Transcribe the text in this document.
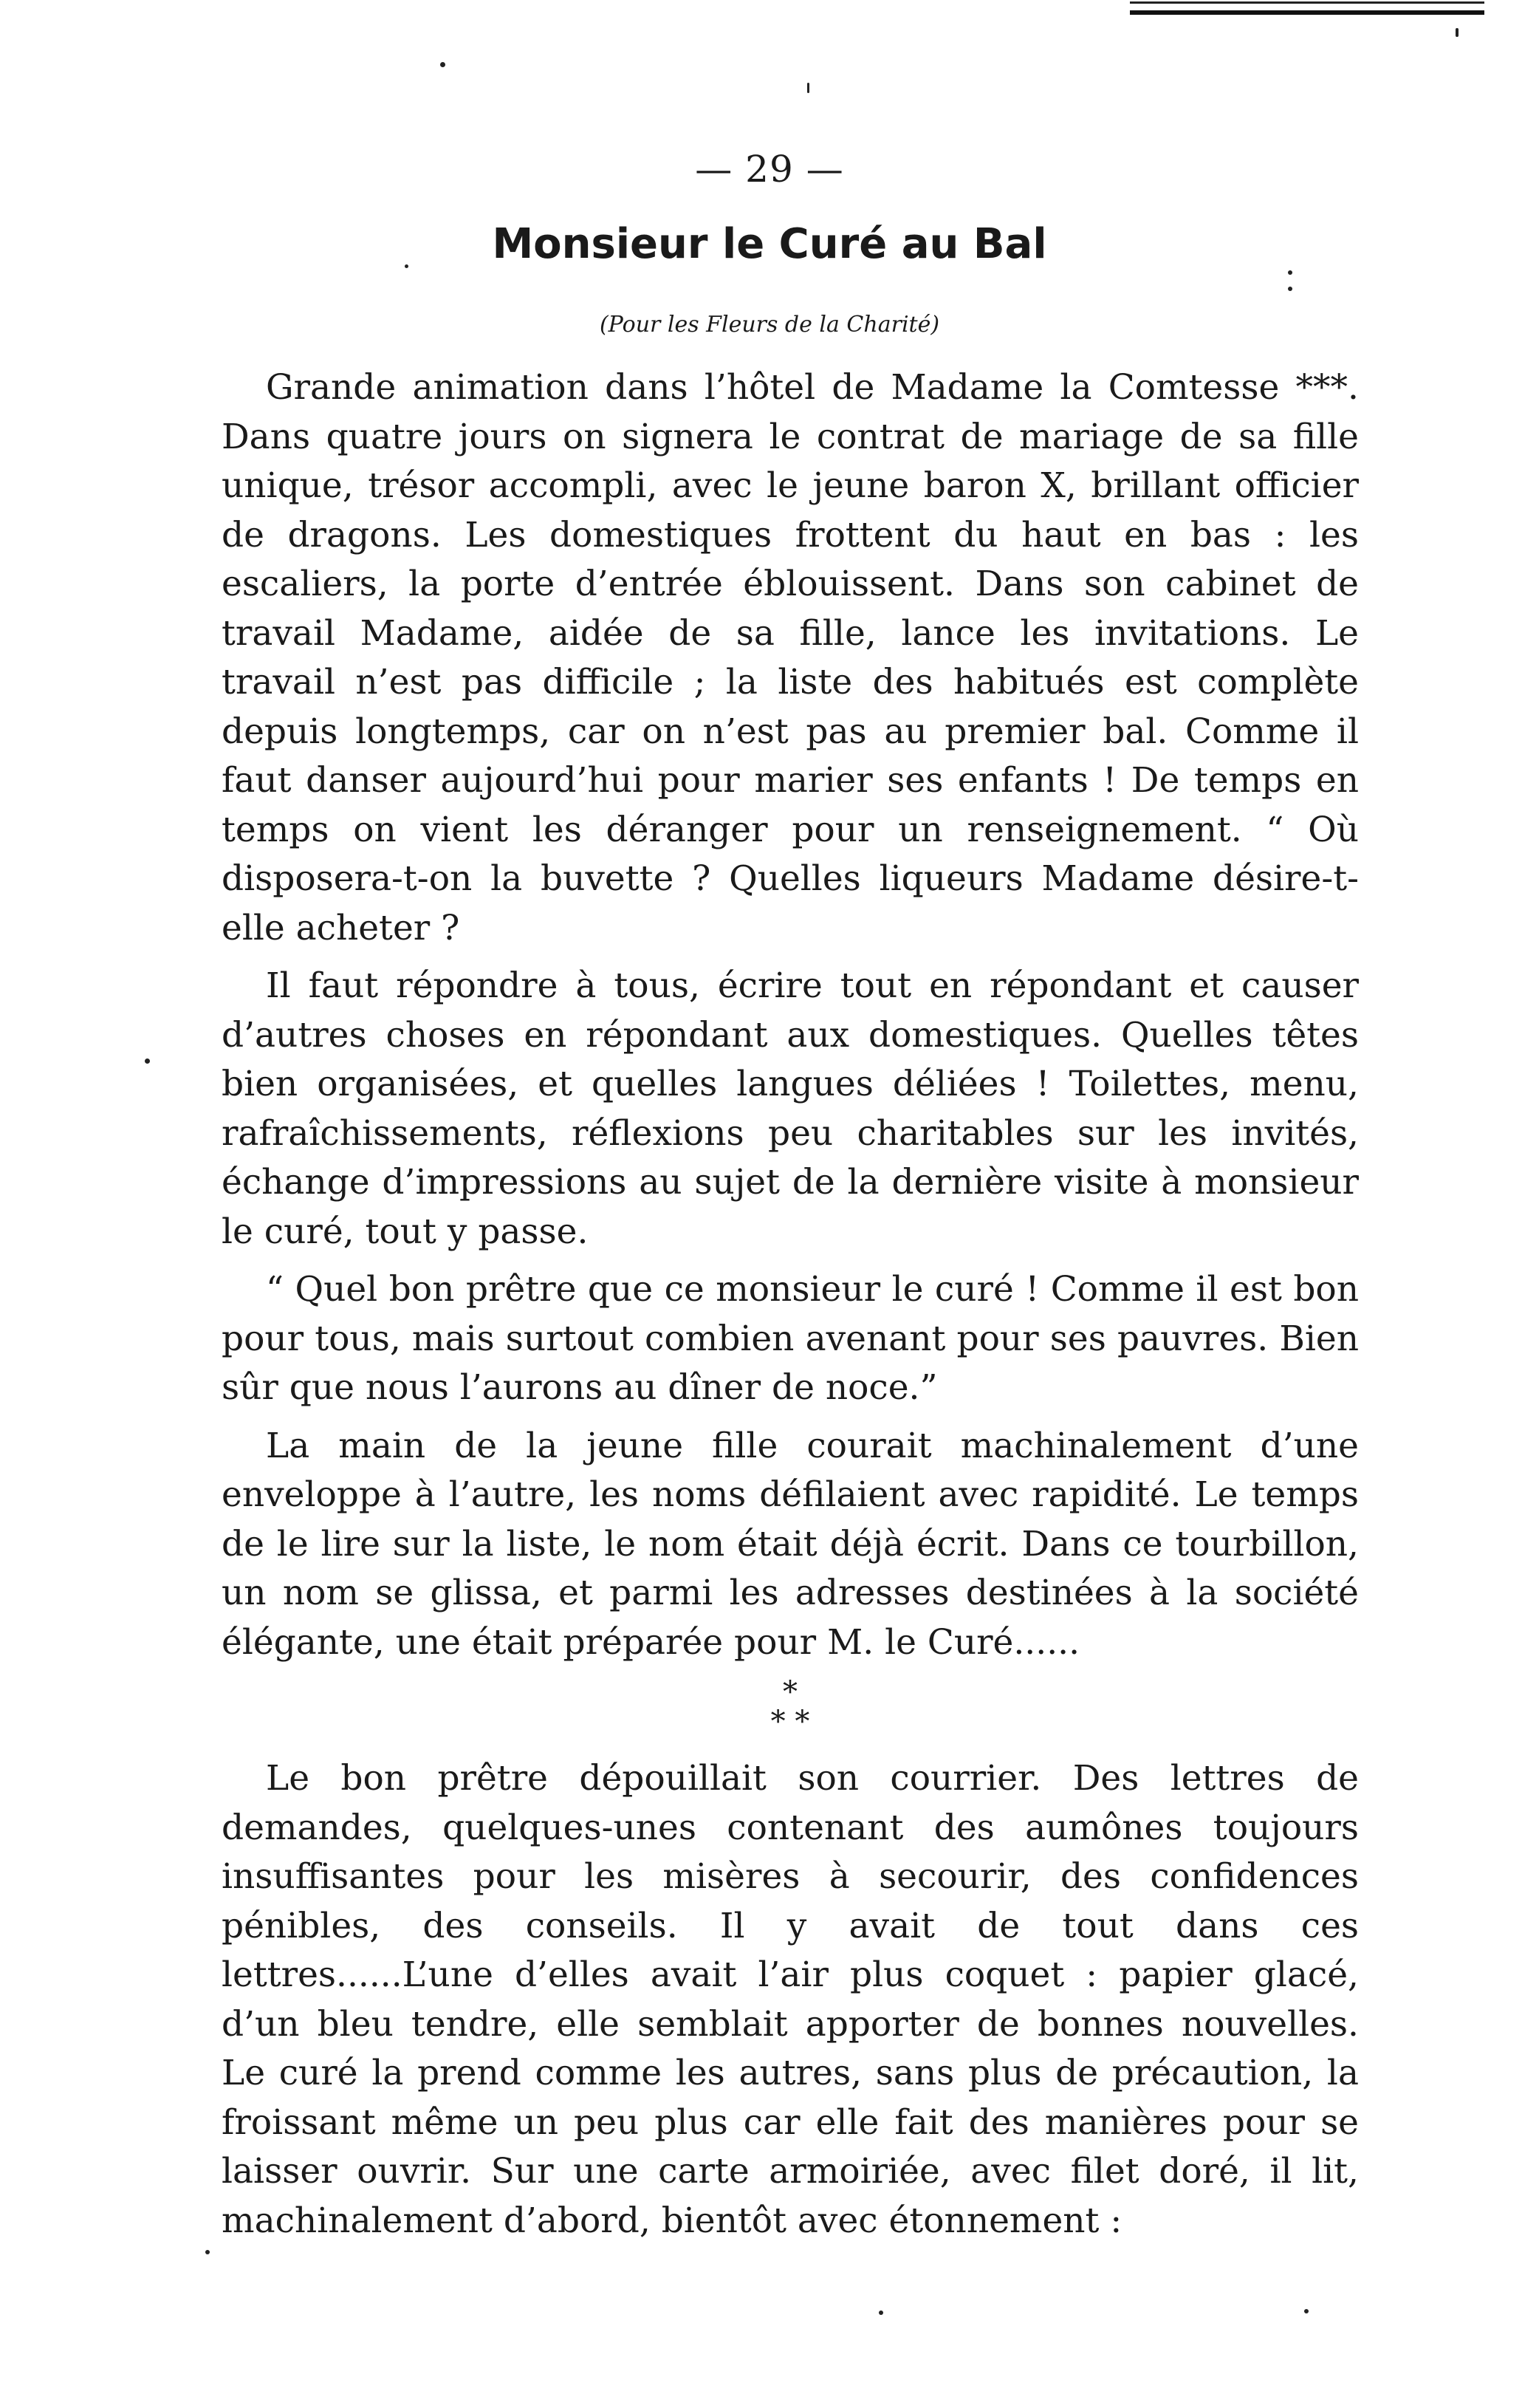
— 29 —
Monsieur le Curé au Bal
(Pour les Fleurs de la Charité)

Grande animation dans l’hôtel de Madame la Comtesse ***. Dans quatre jours on signera le contrat de mariage de sa fille unique, trésor accompli, avec le jeune baron X, brillant officier de dragons. Les domestiques frottent du haut en bas : les escaliers, la porte d’entrée éblouissent. Dans son cabinet de travail Madame, aidée de sa fille, lance les invitations. Le travail n’est pas difficile ; la liste des habitués est complète depuis longtemps, car on n’est pas au premier bal. Comme il faut danser aujourd’hui pour marier ses enfants ! De temps en temps on vient les déranger pour un renseignement. “ Où disposera-t-on la buvette ? Quelles liqueurs Madame désire-t-elle acheter ?

Il faut répondre à tous, écrire tout en répondant et causer d’autres choses en répondant aux domestiques. Quelles têtes bien organisées, et quelles langues déliées ! Toilettes, menu, rafraîchissements, réflexions peu charitables sur les invités, échange d’impressions au sujet de la dernière visite à monsieur le curé, tout y passe.

“ Quel bon prêtre que ce monsieur le curé ! Comme il est bon pour tous, mais surtout combien avenant pour ses pauvres. Bien sûr que nous l’aurons au dîner de noce.”

La main de la jeune fille courait machinalement d’une enveloppe à l’autre, les noms défilaient avec rapidité. Le temps de le lire sur la liste, le nom était déjà écrit. Dans ce tourbillon, un nom se glissa, et parmi les adresses destinées à la société élégante, une était préparée pour M. le Curé......

*
* *

Le bon prêtre dépouillait son courrier. Des lettres de demandes, quelques-unes contenant des aumônes toujours insuffisantes pour les misères à secourir, des confidences pénibles, des conseils. Il y avait de tout dans ces lettres......L’une d’elles avait l’air plus coquet : papier glacé, d’un bleu tendre, elle semblait apporter de bonnes nouvelles. Le curé la prend comme les autres, sans plus de précaution, la froissant même un peu plus car elle fait des manières pour se laisser ouvrir. Sur une carte armoiriée, avec filet doré, il lit, machinalement d’abord, bientôt avec étonnement :
